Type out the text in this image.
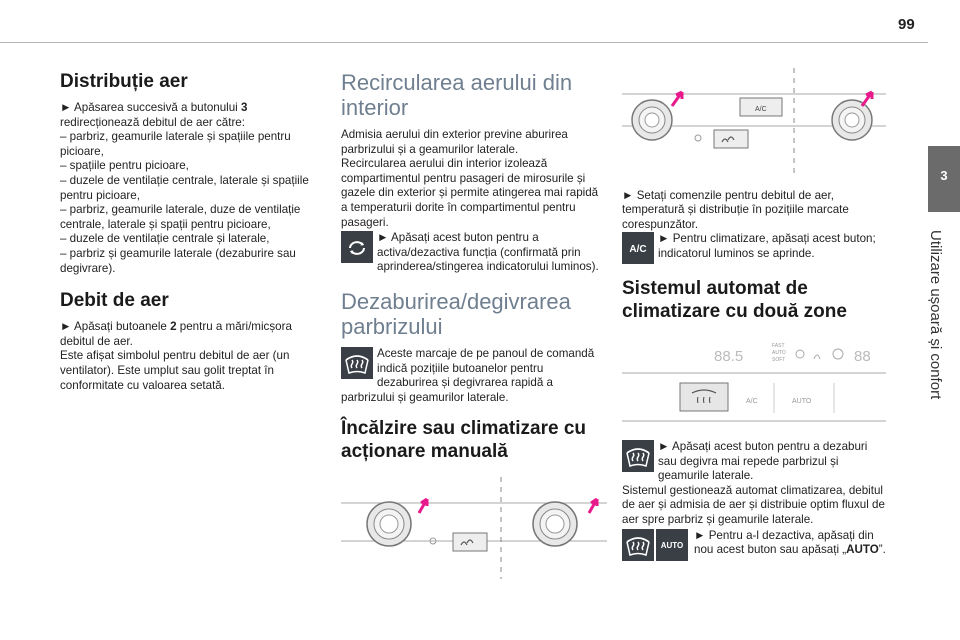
99
3
Utilizare ușoară și confort
Distribuție aer

► Apăsarea succesivă a butonului 3 redirecționează debitul de aer către:

– parbriz, geamurile laterale și spațiile pentru picioare,

– spațiile pentru picioare,

– duzele de ventilație centrale, laterale și spațiile pentru picioare,

– parbriz, geamurile laterale, duze de ventilație centrale, laterale și spații pentru picioare,

– duzele de ventilație centrale și laterale,

– parbriz și geamurile laterale (dezaburire sau degivrare).

Debit de aer

► Apăsați butoanele 2 pentru a mări/micșora debitul de aer.

Este afișat simbolul pentru debitul de aer (un ventilator). Este umplut sau golit treptat în conformitate cu valoarea setată.

Recircularea aerului din interior

Admisia aerului din exterior previne aburirea parbrizului și a geamurilor laterale.

Recircularea aerului din interior izolează compartimentul pentru pasageri de mirosurile și gazele din exterior și permite atingerea mai rapidă a temperaturii dorite în compartimentul pentru pasageri.

► Apăsați acest buton pentru a activa/dezactiva funcția (confirmată prin aprinderea/stingerea indicatorului luminos).

Dezaburirea/degivrarea parbrizului

Aceste marcaje de pe panoul de comandă indică pozițiile butoanelor pentru dezaburirea și degivrarea rapidă a parbrizului și geamurilor laterale.

Încălzire sau climatizare cu acționare manuală
A/C

► Setați comenzile pentru debitul de aer, temperatură și distribuție în pozițiile marcate corespunzător.

A/C

► Pentru climatizare, apăsați acest buton; indicatorul luminos se aprinde.

Sistemul automat de climatizare cu două zone
88.5
FAST
AUTO
SOFT	88
A/C	AUTO

► Apăsați acest buton pentru a dezaburi sau degivra mai repede parbrizul și geamurile laterale.

Sistemul gestionează automat climatizarea, debitul de aer și admisia de aer și distribuie optim fluxul de aer spre parbriz și geamurile laterale.

AUTO

► Pentru a-l dezactiva, apăsați din nou acest buton sau apăsați „AUTO”.
